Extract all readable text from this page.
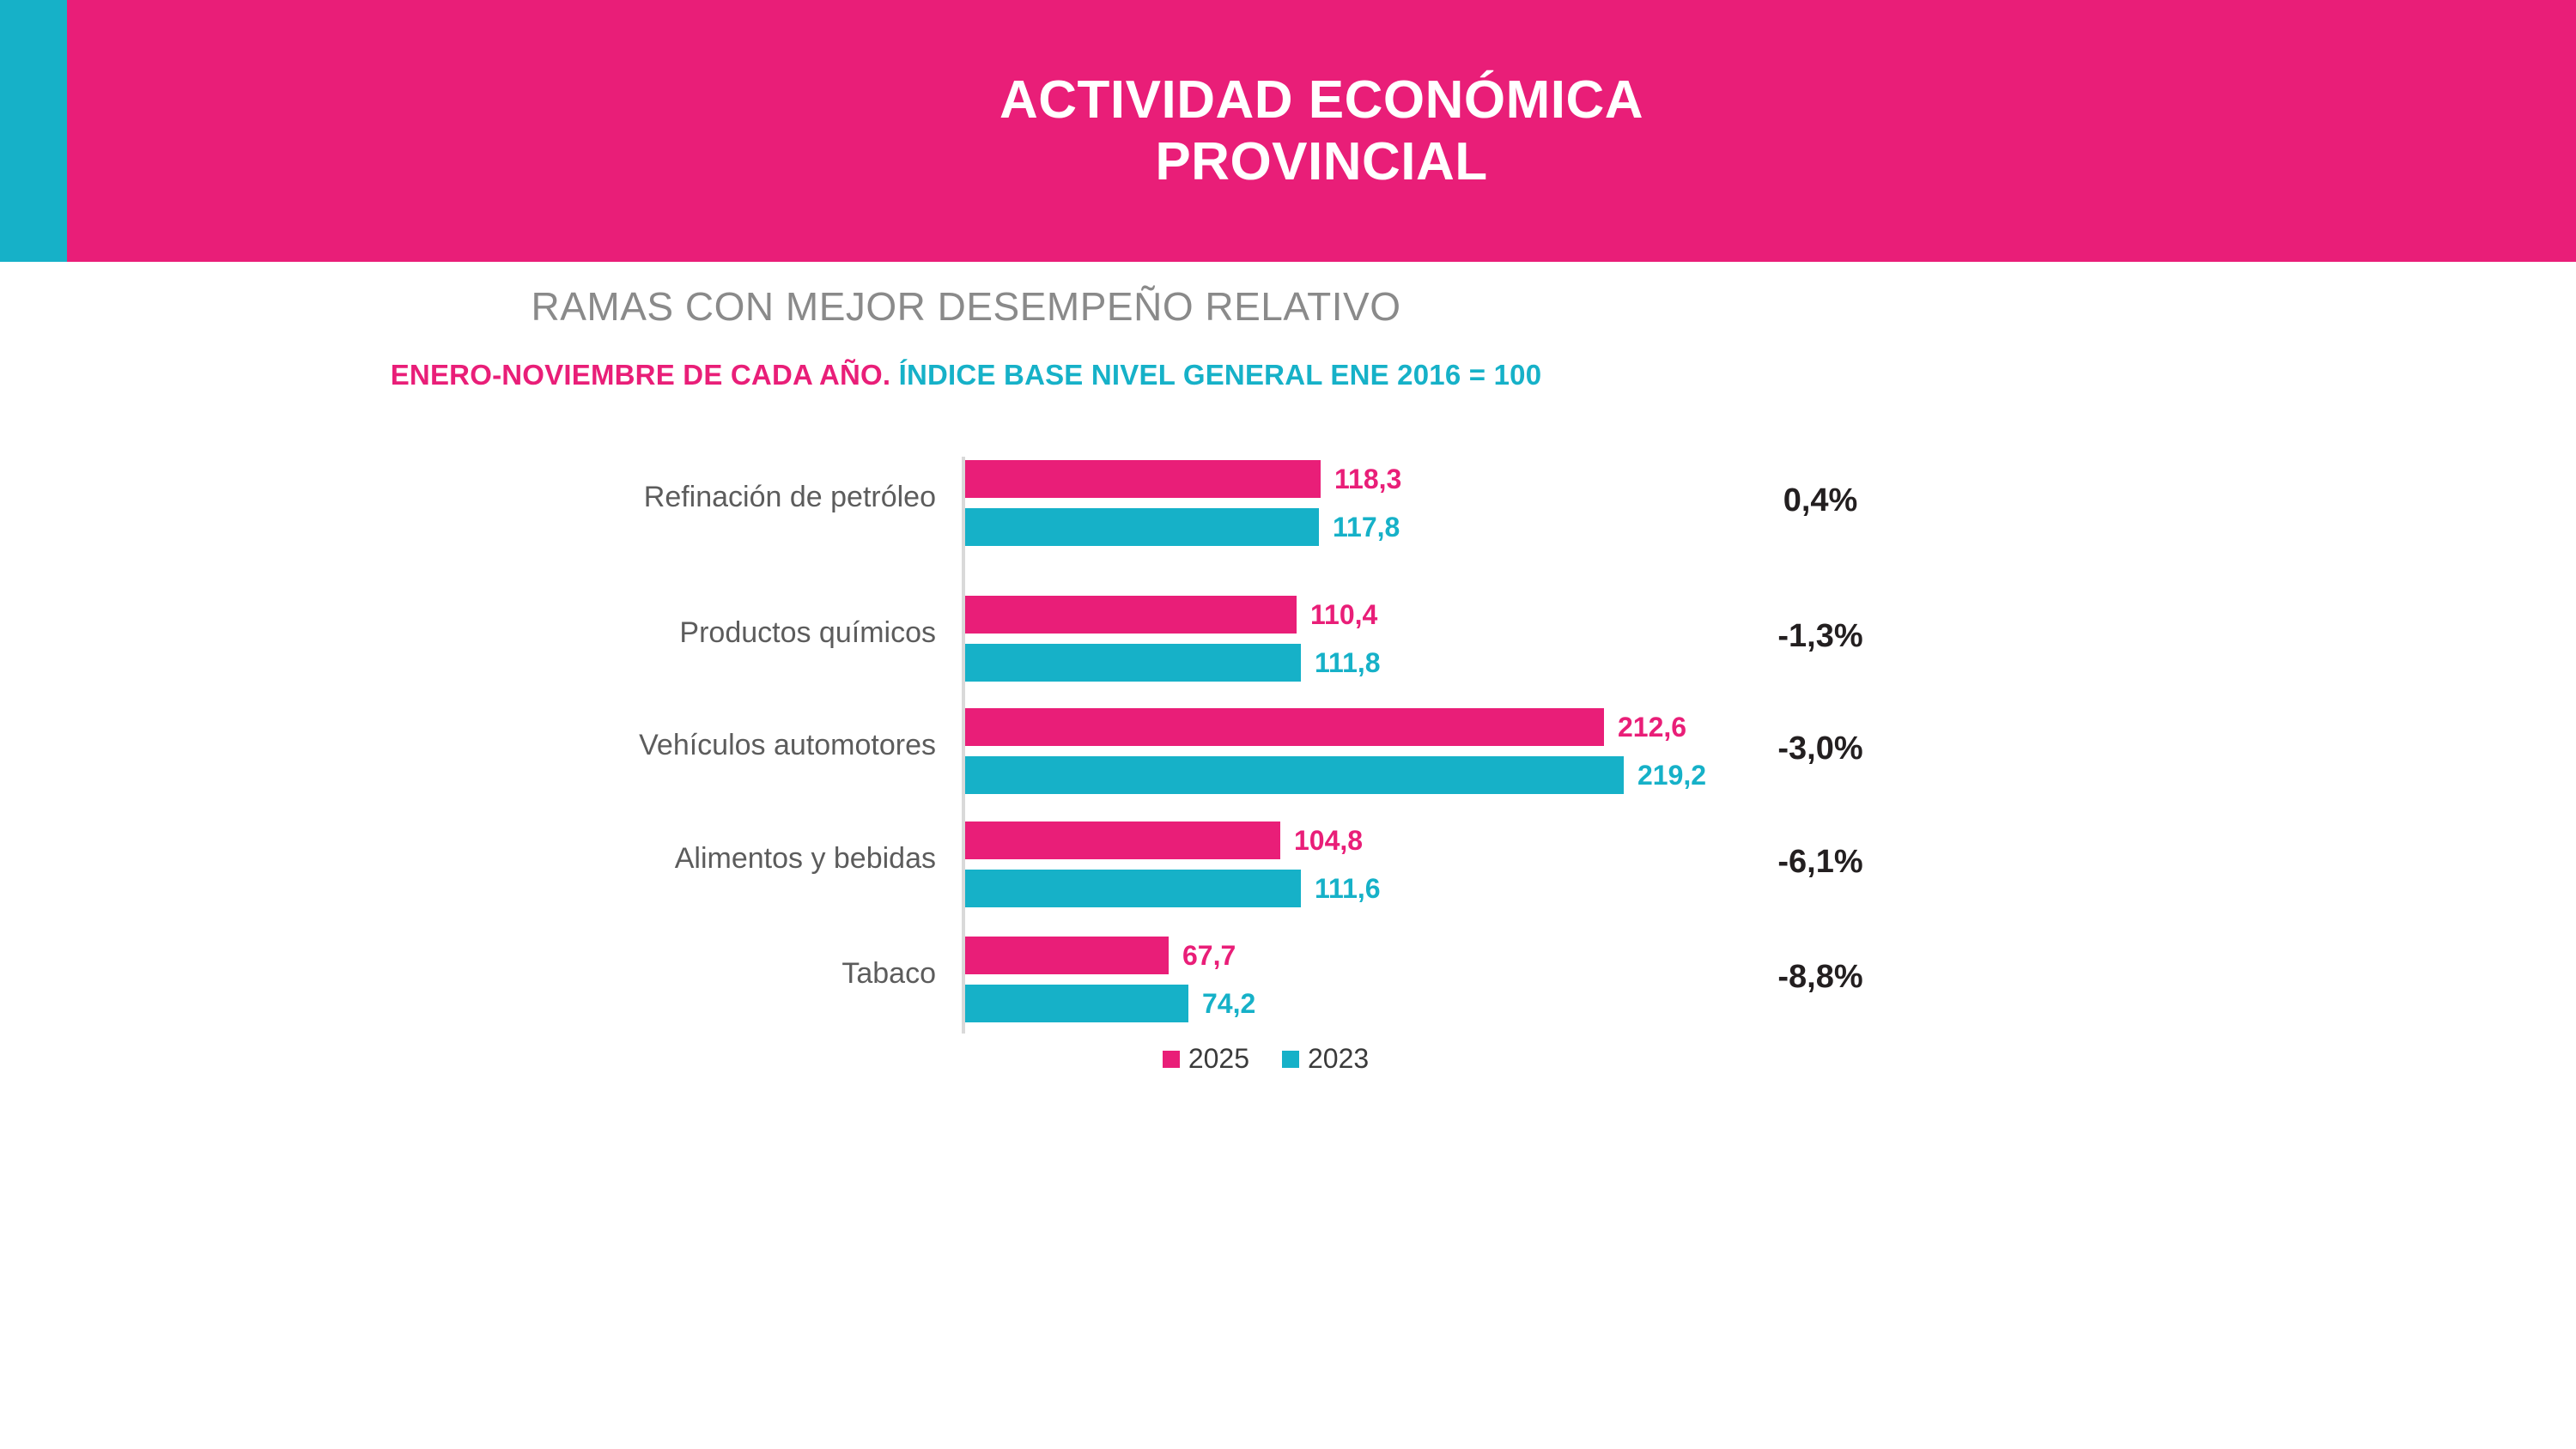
ACTIVIDAD ECONÓMICA
PROVINCIAL
RAMAS CON MEJOR DESEMPEÑO RELATIVO
ENERO-NOVIEMBRE DE CADA AÑO. ÍNDICE BASE NIVEL GENERAL ENE 2016 = 100
Refinación de petróleo
118,3
117,8
0,4%
Productos químicos
110,4
111,8
-1,3%
Vehículos automotores
212,6
219,2
-3,0%
Alimentos y bebidas
104,8
111,6
-6,1%
Tabaco
67,7
74,2
-8,8%
2025 2023
